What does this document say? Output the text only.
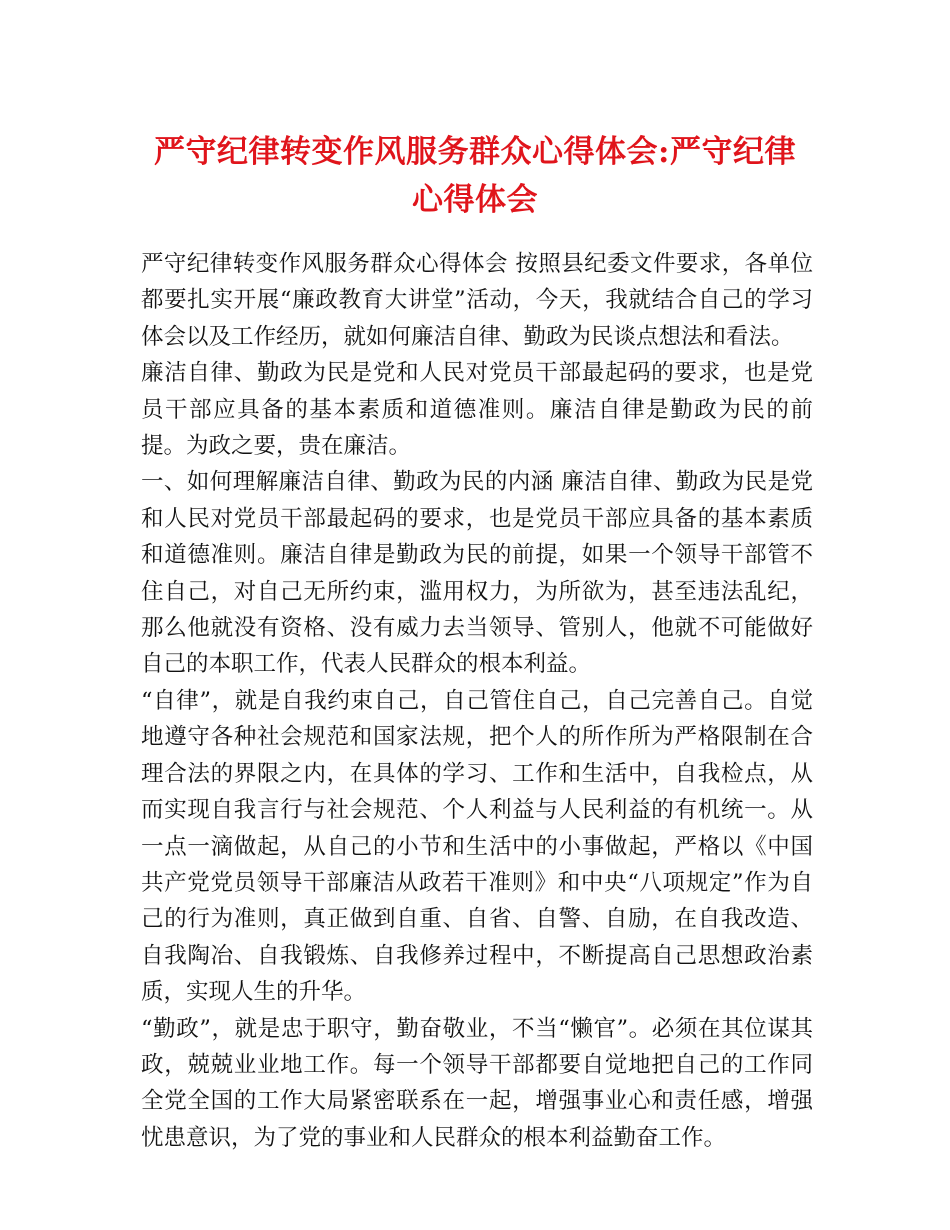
严守纪律转变作风服务群众心得体会:严守纪律心得体会

严守纪律转变作风服务群众心得体会 按照县纪委文件要求，各单位都要扎实开展“廉政教育大讲堂”活动，今天，我就结合自己的学习体会以及工作经历，就如何廉洁自律、勤政为民谈点想法和看法。

廉洁自律、勤政为民是党和人民对党员干部最起码的要求，也是党员干部应具备的基本素质和道德准则。廉洁自律是勤政为民的前提。为政之要，贵在廉洁。

一、如何理解廉洁自律、勤政为民的内涵 廉洁自律、勤政为民是党和人民对党员干部最起码的要求，也是党员干部应具备的基本素质和道德准则。廉洁自律是勤政为民的前提，如果一个领导干部管不住自己，对自己无所约束，滥用权力，为所欲为，甚至违法乱纪，那么他就没有资格、没有威力去当领导、管别人，他就不可能做好自己的本职工作，代表人民群众的根本利益。

“自律”，就是自我约束自己，自己管住自己，自己完善自己。自觉地遵守各种社会规范和国家法规，把个人的所作所为严格限制在合理合法的界限之内，在具体的学习、工作和生活中，自我检点，从而实现自我言行与社会规范、个人利益与人民利益的有机统一。从一点一滴做起，从自己的小节和生活中的小事做起，严格以《中国共产党党员领导干部廉洁从政若干准则》和中央“八项规定”作为自己的行为准则，真正做到自重、自省、自警、自励，在自我改造、自我陶冶、自我锻炼、自我修养过程中，不断提高自己思想政治素质，实现人生的升华。

“勤政”，就是忠于职守，勤奋敬业，不当“懒官”。必须在其位谋其政，兢兢业业地工作。每一个领导干部都要自觉地把自己的工作同全党全国的工作大局紧密联系在一起，增强事业心和责任感，增强忧患意识，为了党的事业和人民群众的根本利益勤奋工作。
